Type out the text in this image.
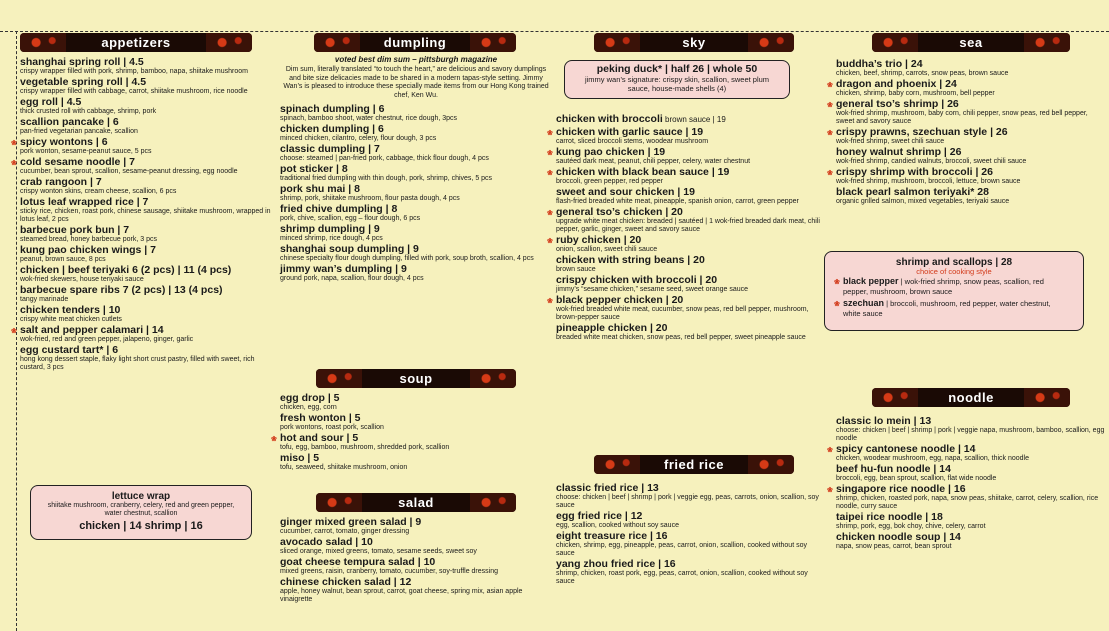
appetizers
shanghai spring roll | 4.5
crispy wrapper filled with pork, shrimp, bamboo, napa, shiitake mushroom
vegetable spring roll | 4.5
crispy wrapper filled with cabbage, carrot, shiitake mushroom, rice noodle
egg roll | 4.5
thick crusted roll with cabbage, shrimp, pork
scallion pancake | 6
pan-fried vegetarian pancake, scallion
❀ spicy wontons | 6
pork wonton, sesame-peanut sauce, 5 pcs
❀ cold sesame noodle | 7
cucumber, bean sprout, scallion, sesame-peanut dressing, egg noodle
crab rangoon | 7
crispy wonton skins, cream cheese, scallion, 6 pcs
lotus leaf wrapped rice | 7
sticky rice, chicken, roast pork, chinese sausage, shiitake mushroom, wrapped in lotus leaf, 2 pcs
barbecue pork bun | 7
steamed bread, honey barbecue pork, 3 pcs
kung pao chicken wings | 7
peanut, brown sauce, 8 pcs
chicken | beef teriyaki 6 (2 pcs) | 11 (4 pcs)
wok-fried skewers, house teriyaki sauce
barbecue spare ribs 7 (2 pcs) | 13 (4 pcs)
tangy marinade
chicken tenders | 10
crispy white meat chicken cutlets
❀ salt and pepper calamari | 14
wok-fried, red and green pepper, jalapeno, ginger, garlic
egg custard tart* | 6
hong kong dessert staple, flaky light short crust pastry, filled with sweet, rich custard, 3 pcs
lettuce wrap
shiitake mushroom, cranberry, celery, red and green pepper, water chestnut, scallion
chicken | 14 shrimp | 16
dumpling
voted best dim sum – pittsburgh magazine
Dim sum, literally translated “to touch the heart,” are delicious and savory dumplings and bite size delicacies made to be shared in a modern tapas-style setting. Jimmy Wan’s is pleased to introduce these specially made items from our Hong Kong trained chef, Ken Wu.
spinach dumpling | 6
spinach, bamboo shoot, water chestnut, rice dough, 3pcs
chicken dumpling | 6
minced chicken, cilantro, celery, flour dough, 3 pcs
classic dumpling | 7
choose: steamed | pan-fried pork, cabbage, thick flour dough, 4 pcs
pot sticker | 8
traditional fried dumpling with thin dough, pork, shrimp, chives, 5 pcs
pork shu mai | 8
shrimp, pork, shiitake mushroom, flour pasta dough, 4 pcs
fried chive dumpling | 8
pork, chive, scallion, egg – flour dough, 6 pcs
shrimp dumpling | 9
minced shrimp, rice dough, 4 pcs
shanghai soup dumpling | 9
chinese specialty flour dough dumpling, filled with pork, soup broth, scallion, 4 pcs
jimmy wan’s dumpling | 9
ground pork, napa, scallion, flour dough, 4 pcs
soup
egg drop | 5
chicken, egg, corn
fresh wonton | 5
pork wontons, roast pork, scallion
❀ hot and sour | 5
tofu, egg, bamboo, mushroom, shredded pork, scallion
miso | 5
tofu, seaweed, shiitake mushroom, onion
salad
ginger mixed green salad | 9
cucumber, carrot, tomato, ginger dressing
avocado salad | 10
sliced orange, mixed greens, tomato, sesame seeds, sweet soy
goat cheese tempura salad | 10
mixed greens, raisin, cranberry, tomato, cucumber, soy-truffle dressing
chinese chicken salad | 12
apple, honey walnut, bean sprout, carrot, goat cheese, spring mix, asian apple vinaigrette
sky
peking duck* | half 26 | whole 50
jimmy wan’s signature: crispy skin, scallion, sweet plum sauce, house-made shells (4)
chicken with broccoli brown sauce | 19
❀ chicken with garlic sauce | 19
carrot, sliced broccoli stems, woodear mushroom
❀ kung pao chicken | 19
sautéed dark meat, peanut, chili pepper, celery, water chestnut
❀ chicken with black bean sauce | 19
broccoli, green pepper, red pepper
sweet and sour chicken | 19
flash-fried breaded white meat, pineapple, spanish onion, carrot, green pepper
❀ general tso’s chicken | 20
upgrade white meat chicken: breaded | sautéed | 1 wok-fried breaded dark meat, chili pepper, garlic, ginger, sweet and savory sauce
❀ ruby chicken | 20
onion, scallion, sweet chili sauce
chicken with string beans | 20
brown sauce
crispy chicken with broccoli | 20
jimmy’s “sesame chicken,” sesame seed, sweet orange sauce
❀ black pepper chicken | 20
wok-fried breaded white meat, cucumber, snow peas, red bell pepper, mushroom, brown-pepper sauce
pineapple chicken | 20
breaded white meat chicken, snow peas, red bell pepper, sweet pineapple sauce
fried rice
classic fried rice | 13
choose: chicken | beef | shrimp | pork | veggie egg, peas, carrots, onion, scallion, soy sauce
egg fried rice | 12
egg, scallion, cooked without soy sauce
eight treasure rice | 16
chicken, shrimp, egg, pineapple, peas, carrot, onion, scallion, cooked without soy sauce
yang zhou fried rice | 16
shrimp, chicken, roast pork, egg, peas, carrot, onion, scallion, cooked without soy sauce
sea
buddha’s trio | 24
chicken, beef, shrimp, carrots, snow peas, brown sauce
❀ dragon and phoenix | 24
chicken, shrimp, baby corn, mushroom, bell pepper
❀ general tso’s shrimp | 26
wok-fried shrimp, mushroom, baby corn, chili pepper, snow peas, red bell pepper, sweet and savory sauce
❀ crispy prawns, szechuan style | 26
wok-fried shrimp, sweet chili sauce
honey walnut shrimp | 26
wok-fried shrimp, candied walnuts, broccoli, sweet chili sauce
❀ crispy shrimp with broccoli | 26
wok-fried shrimp, mushroom, broccoli, lettuce, brown sauce
black pearl salmon teriyaki* 28
organic grilled salmon, mixed vegetables, teriyaki sauce
shrimp and scallops | 28
choice of cooking style
❀ black pepper | wok-fried shrimp, snow peas, scallion, red pepper, mushroom, brown sauce
❀ szechuan | broccoli, mushroom, red pepper, water chestnut, white sauce
noodle
classic lo mein | 13
choose: chicken | beef | shrimp | pork | veggie napa, mushroom, bamboo, scallion, egg noodle
❀ spicy cantonese noodle | 14
chicken, woodear mushroom, egg, napa, scallion, thick noodle
beef hu-fun noodle | 14
broccoli, egg, bean sprout, scallion, flat wide noodle
❀ singapore rice noodle | 16
shrimp, chicken, roasted pork, napa, snow peas, shiitake, carrot, celery, scallion, rice noodle, curry sauce
taipei rice noodle | 18
shrimp, pork, egg, bok choy, chive, celery, carrot
chicken noodle soup | 14
napa, snow peas, carrot, bean sprout
